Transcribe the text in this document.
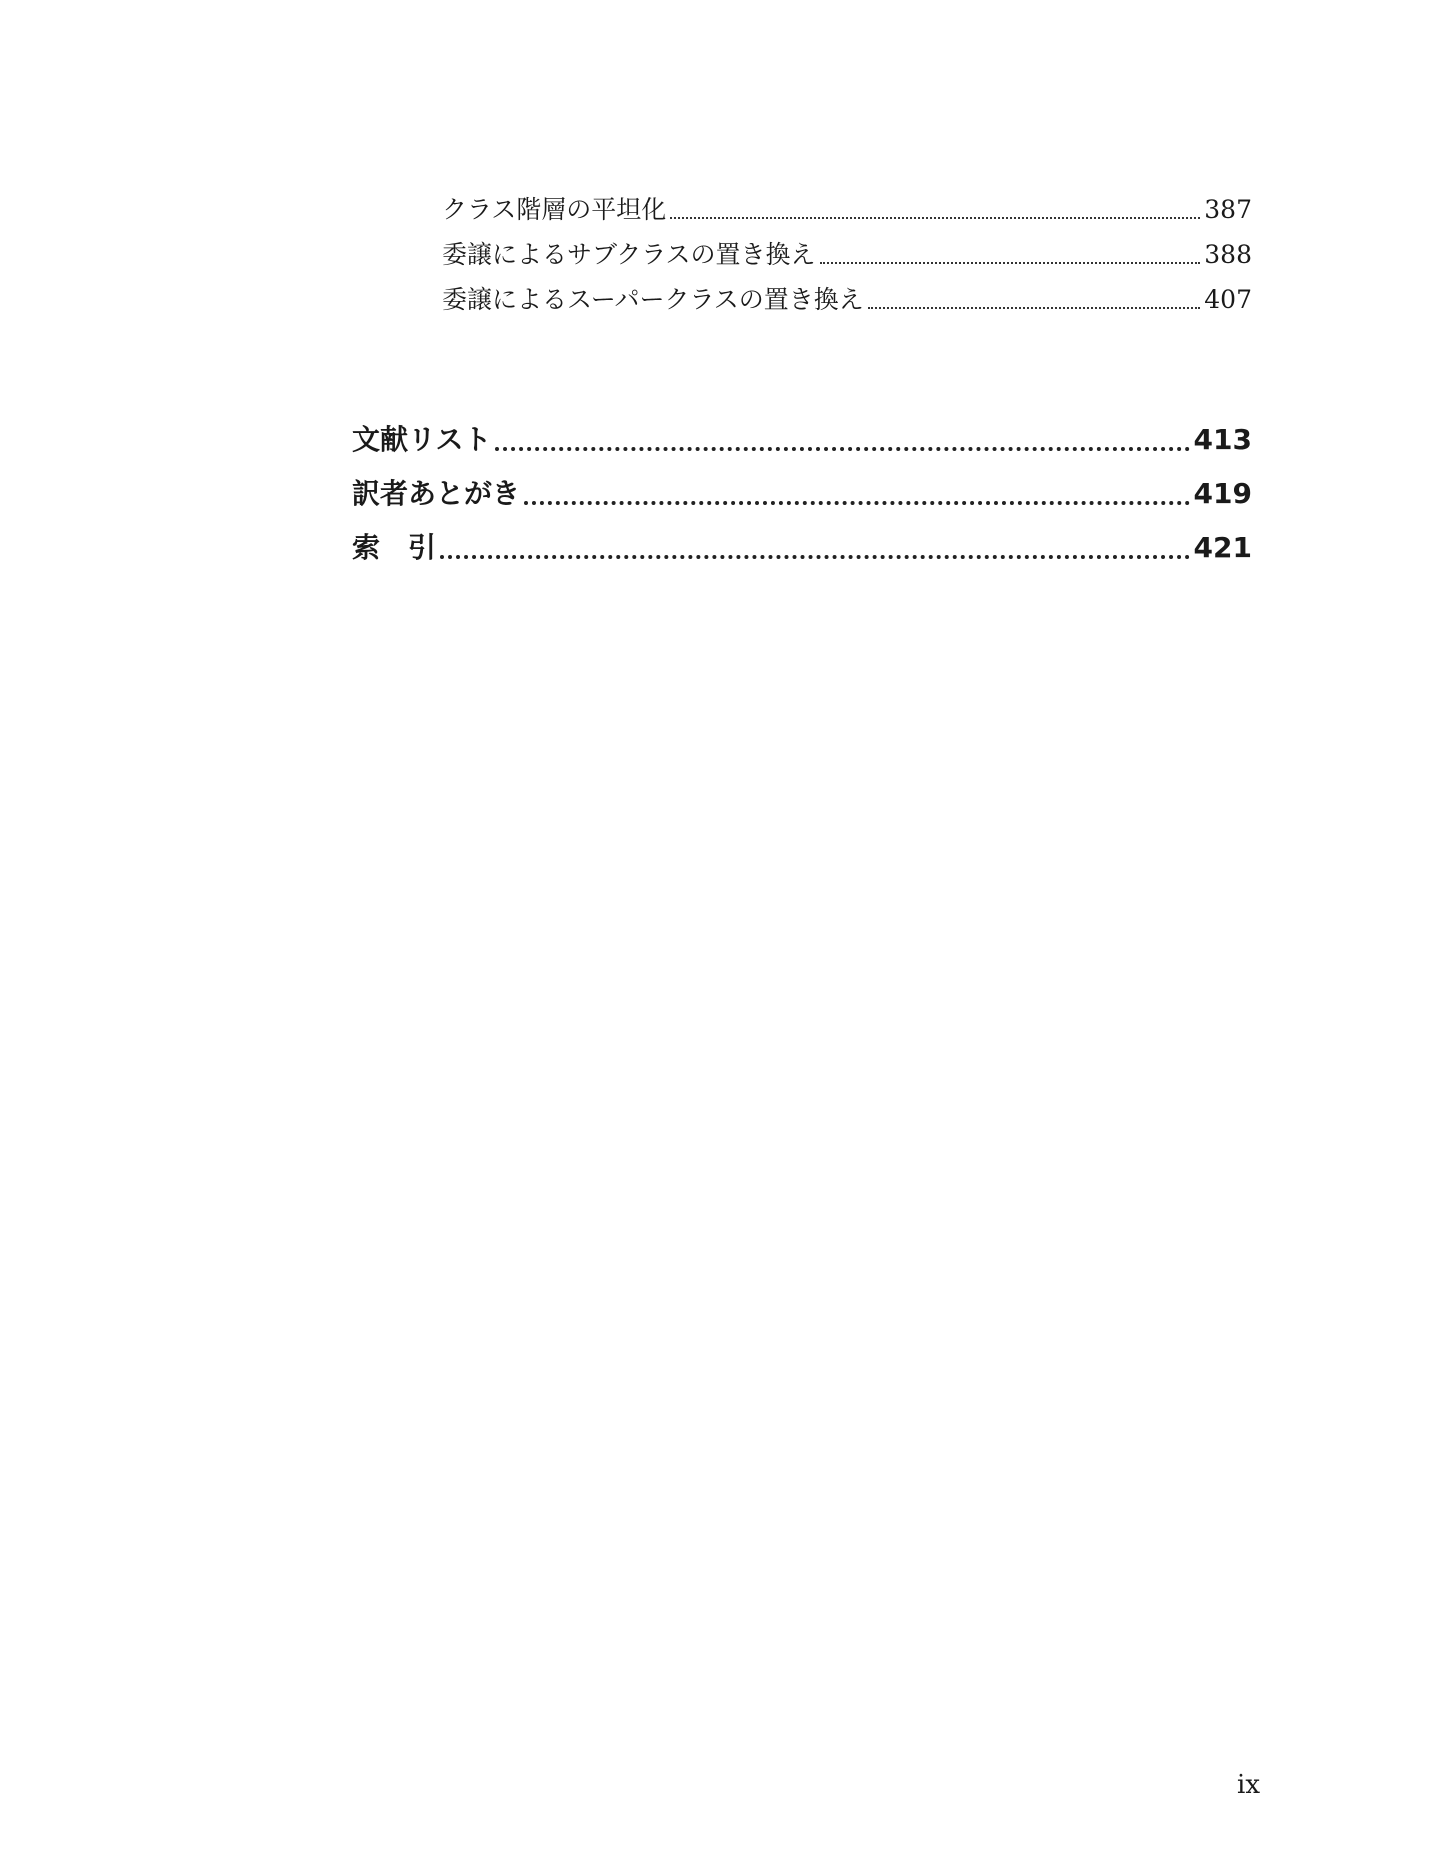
クラス階層の平坦化	387
委譲によるサブクラスの置き換え	388
委譲によるスーパークラスの置き換え	407
文献リスト	413
訳者あとがき	419
索　引	421
ix
